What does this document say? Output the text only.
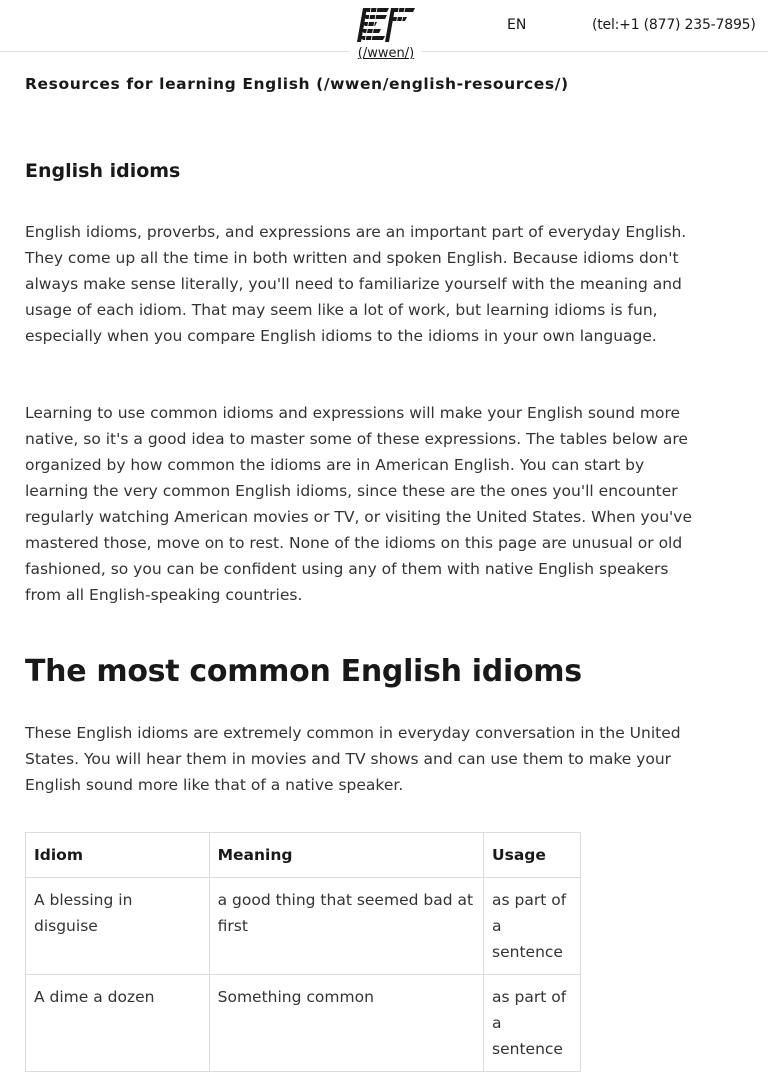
(/wwen/)
EN	(tel:+1 (877) 235-7895)
Resources for learning English (/wwen/english-resources/)
English idioms

English idioms, proverbs, and expressions are an important part of everyday English. They come up all the time in both written and spoken English. Because idioms don't always make sense literally, you'll need to familiarize yourself with the meaning and usage of each idiom. That may seem like a lot of work, but learning idioms is fun, especially when you compare English idioms to the idioms in your own language.

Learning to use common idioms and expressions will make your English sound more native, so it's a good idea to master some of these expressions. The tables below are organized by how common the idioms are in American English. You can start by learning the very common English idioms, since these are the ones you'll encounter regularly watching American movies or TV, or visiting the United States. When you've mastered those, move on to rest. None of the idioms on this page are unusual or old fashioned, so you can be confident using any of them with native English speakers from all English-speaking countries.

The most common English idioms

These English idioms are extremely common in everyday conversation in the United States. You will hear them in movies and TV shows and can use them to make your English sound more like that of a native speaker.

Idiom	Meaning	Usage
A blessing in disguise	a good thing that seemed bad at first	as part of a sentence
A dime a dozen	Something common	as part of a sentence
